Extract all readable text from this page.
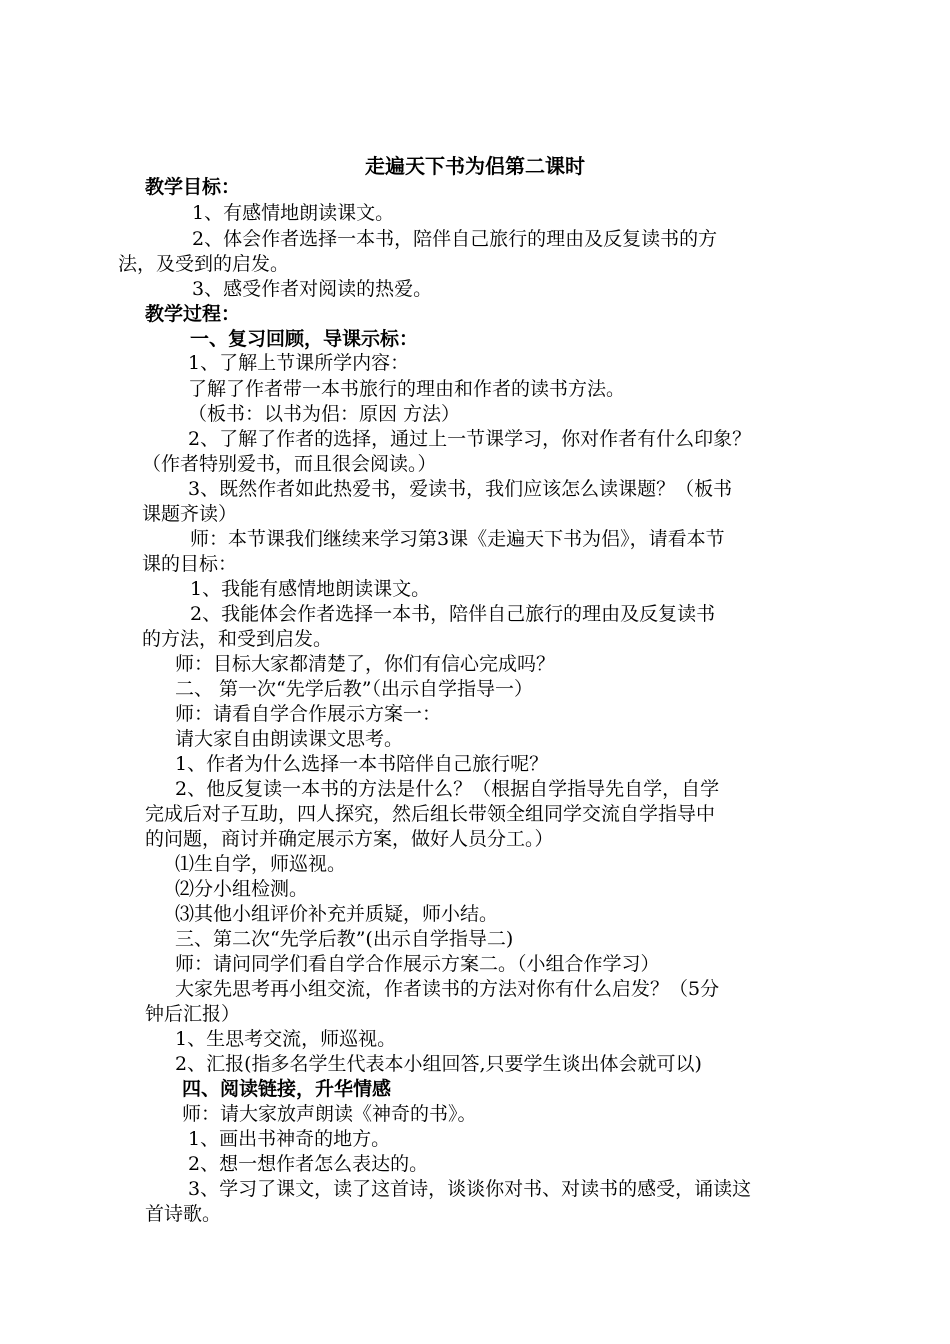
走遍天下书为侣第二课时
教学目标：
1、有感情地朗读课文。
2、体会作者选择一本书，陪伴自己旅行的理由及反复读书的方
法，及受到的启发。
3、感受作者对阅读的热爱。
教学过程：
一、复习回顾，导课示标：
1、了解上节课所学内容：
了解了作者带一本书旅行的理由和作者的读书方法。
（板书：以书为侣：原因 方法）
2、了解了作者的选择，通过上一节课学习，你对作者有什么印象？
（作者特别爱书，而且很会阅读。）
3、既然作者如此热爱书，爱读书，我们应该怎么读课题？（板书
课题齐读）
师：本节课我们继续来学习第3课《走遍天下书为侣》，请看本节
课的目标：
1、我能有感情地朗读课文。
2、我能体会作者选择一本书，陪伴自己旅行的理由及反复读书
的方法，和受到启发。
师：目标大家都清楚了，你们有信心完成吗？
二、 第一次“先学后教”（出示自学指导一）
师：请看自学合作展示方案一：
请大家自由朗读课文思考。
1、作者为什么选择一本书陪伴自己旅行呢？
2、他反复读一本书的方法是什么？（根据自学指导先自学，自学
完成后对子互助，四人探究，然后组长带领全组同学交流自学指导中
的问题，商讨并确定展示方案，做好人员分工。）
⑴生自学，师巡视。
⑵分小组检测。
⑶其他小组评价补充并质疑，师小结。
三、第二次“先学后教”(出示自学指导二)
师：请问同学们看自学合作展示方案二。（小组合作学习）
大家先思考再小组交流，作者读书的方法对你有什么启发？（5分
钟后汇报）
1、生思考交流，师巡视。
2、汇报(指多名学生代表本小组回答,只要学生谈出体会就可以)
四、阅读链接，升华情感
师：请大家放声朗读《神奇的书》。
1、画出书神奇的地方。
2、想一想作者怎么表达的。
3、学习了课文，读了这首诗，谈谈你对书、对读书的感受，诵读这
首诗歌。
